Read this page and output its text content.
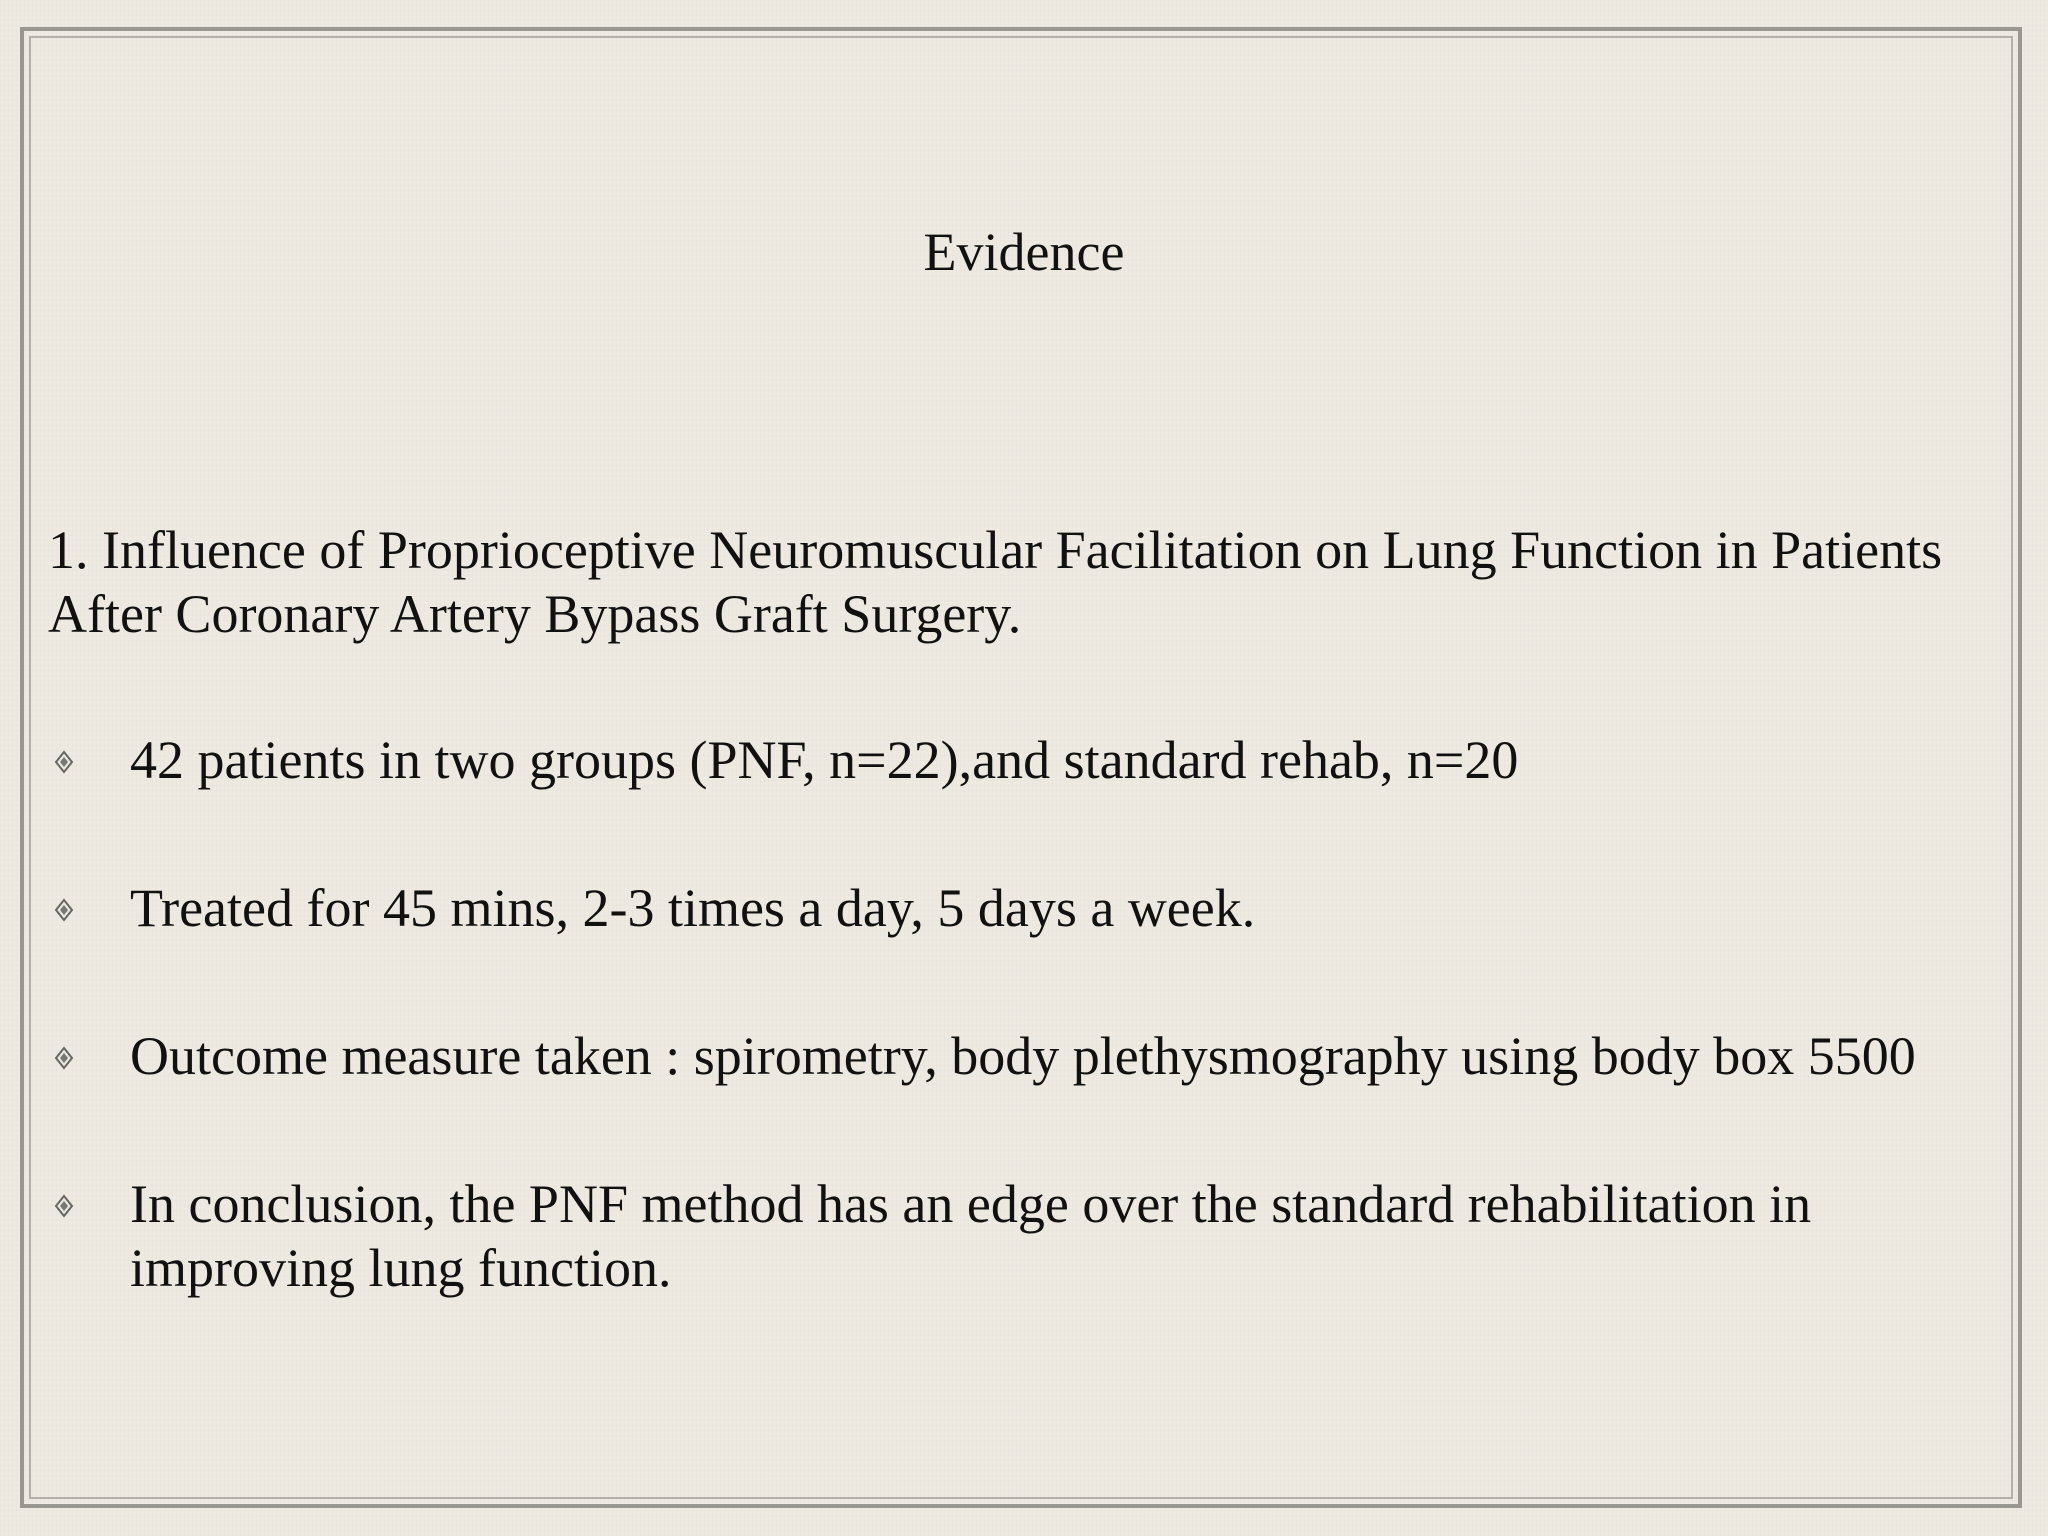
Evidence

1. Influence of Proprioceptive Neuromuscular Facilitation on Lung Function in Patients After Coronary Artery Bypass Graft Surgery.

42 patients in two groups (PNF, n=22),and standard rehab, n=20

Treated for 45 mins, 2-3 times a day, 5 days a week.

Outcome measure taken : spirometry, body plethysmography using body box 5500

In conclusion, the PNF method has an edge over the standard rehabilitation in improving lung function.
